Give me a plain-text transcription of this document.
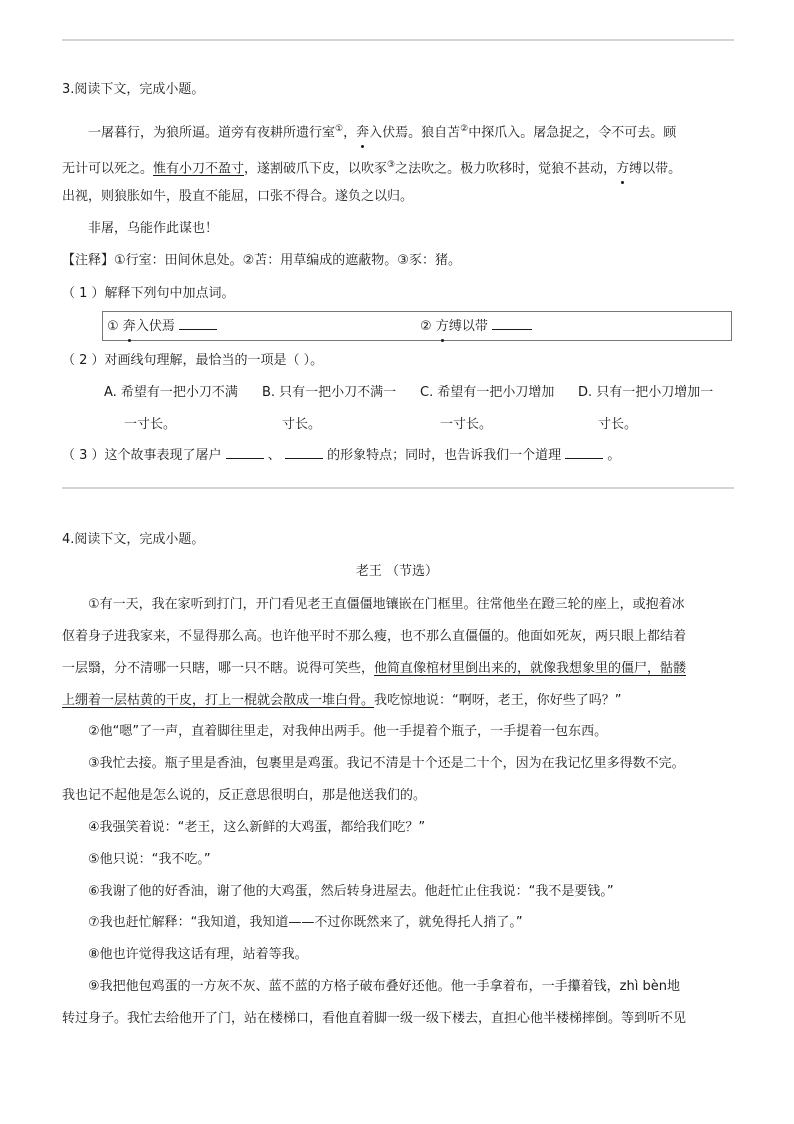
3.阅读下文，完成小题。
一屠暮行，为狼所逼。道旁有夜耕所遗行室①，奔入伏焉。狼自苫②中探爪入。屠急捉之，令不可去。顾
无计可以死之。惟有小刀不盈寸，遂割破爪下皮，以吹豕③之法吹之。极力吹移时，觉狼不甚动，方缚以带。
出视，则狼胀如牛，股直不能屈，口张不得合。遂负之以归。
非屠，乌能作此谋也！
【注释】①行室：田间休息处。②苫：用草编成的遮蔽物。③豕：猪。
（ 1 ）解释下列句中加点词。
① 奔入伏焉	② 方缚以带
（ 2 ）对画线句理解，最恰当的一项是（ ）。
A. 希望有一把小刀不满
一寸长。
B. 只有一把小刀不满一
寸长。
C. 希望有一把小刀增加
一寸长。
D. 只有一把小刀增加一
寸长。
（ 3 ）这个故事表现了屠户	、	的形象特点；同时，也告诉我们一个道理	。
4.阅读下文，完成小题。
老王 （节选）
①有一天，我在家听到打门，开门看见老王直僵僵地镶嵌在门框里。往常他坐在蹬三轮的座上，或抱着冰
伛着身子进我家来，不显得那么高。也许他平时不那么瘦，也不那么直僵僵的。他面如死灰，两只眼上都结着
一层翳，分不清哪一只瞎，哪一只不瞎。说得可笑些，他简直像棺材里倒出来的，就像我想象里的僵尸，骷髅
上绷着一层枯黄的干皮，打上一棍就会散成一堆白骨。我吃惊地说：“啊呀，老王，你好些了吗？”
②他“嗯”了一声，直着脚往里走，对我伸出两手。他一手提着个瓶子，一手提着一包东西。
③我忙去接。瓶子里是香油，包裹里是鸡蛋。我记不清是十个还是二十个，因为在我记忆里多得数不完。
我也记不起他是怎么说的，反正意思很明白，那是他送我们的。
④我强笑着说：“老王，这么新鲜的大鸡蛋，都给我们吃？”
⑤他只说：“我不吃。”
⑥我谢了他的好香油，谢了他的大鸡蛋，然后转身进屋去。他赶忙止住我说：“我不是要钱。”
⑦我也赶忙解释：“我知道，我知道——不过你既然来了，就免得托人捎了。”
⑧他也许觉得我这话有理，站着等我。
⑨我把他包鸡蛋的一方灰不灰、蓝不蓝的方格子破布叠好还他。他一手拿着布，一手攥着钱，zhì bèn地
转过身子。我忙去给他开了门，站在楼梯口，看他直着脚一级一级下楼去，直担心他半楼梯摔倒。等到听不见
